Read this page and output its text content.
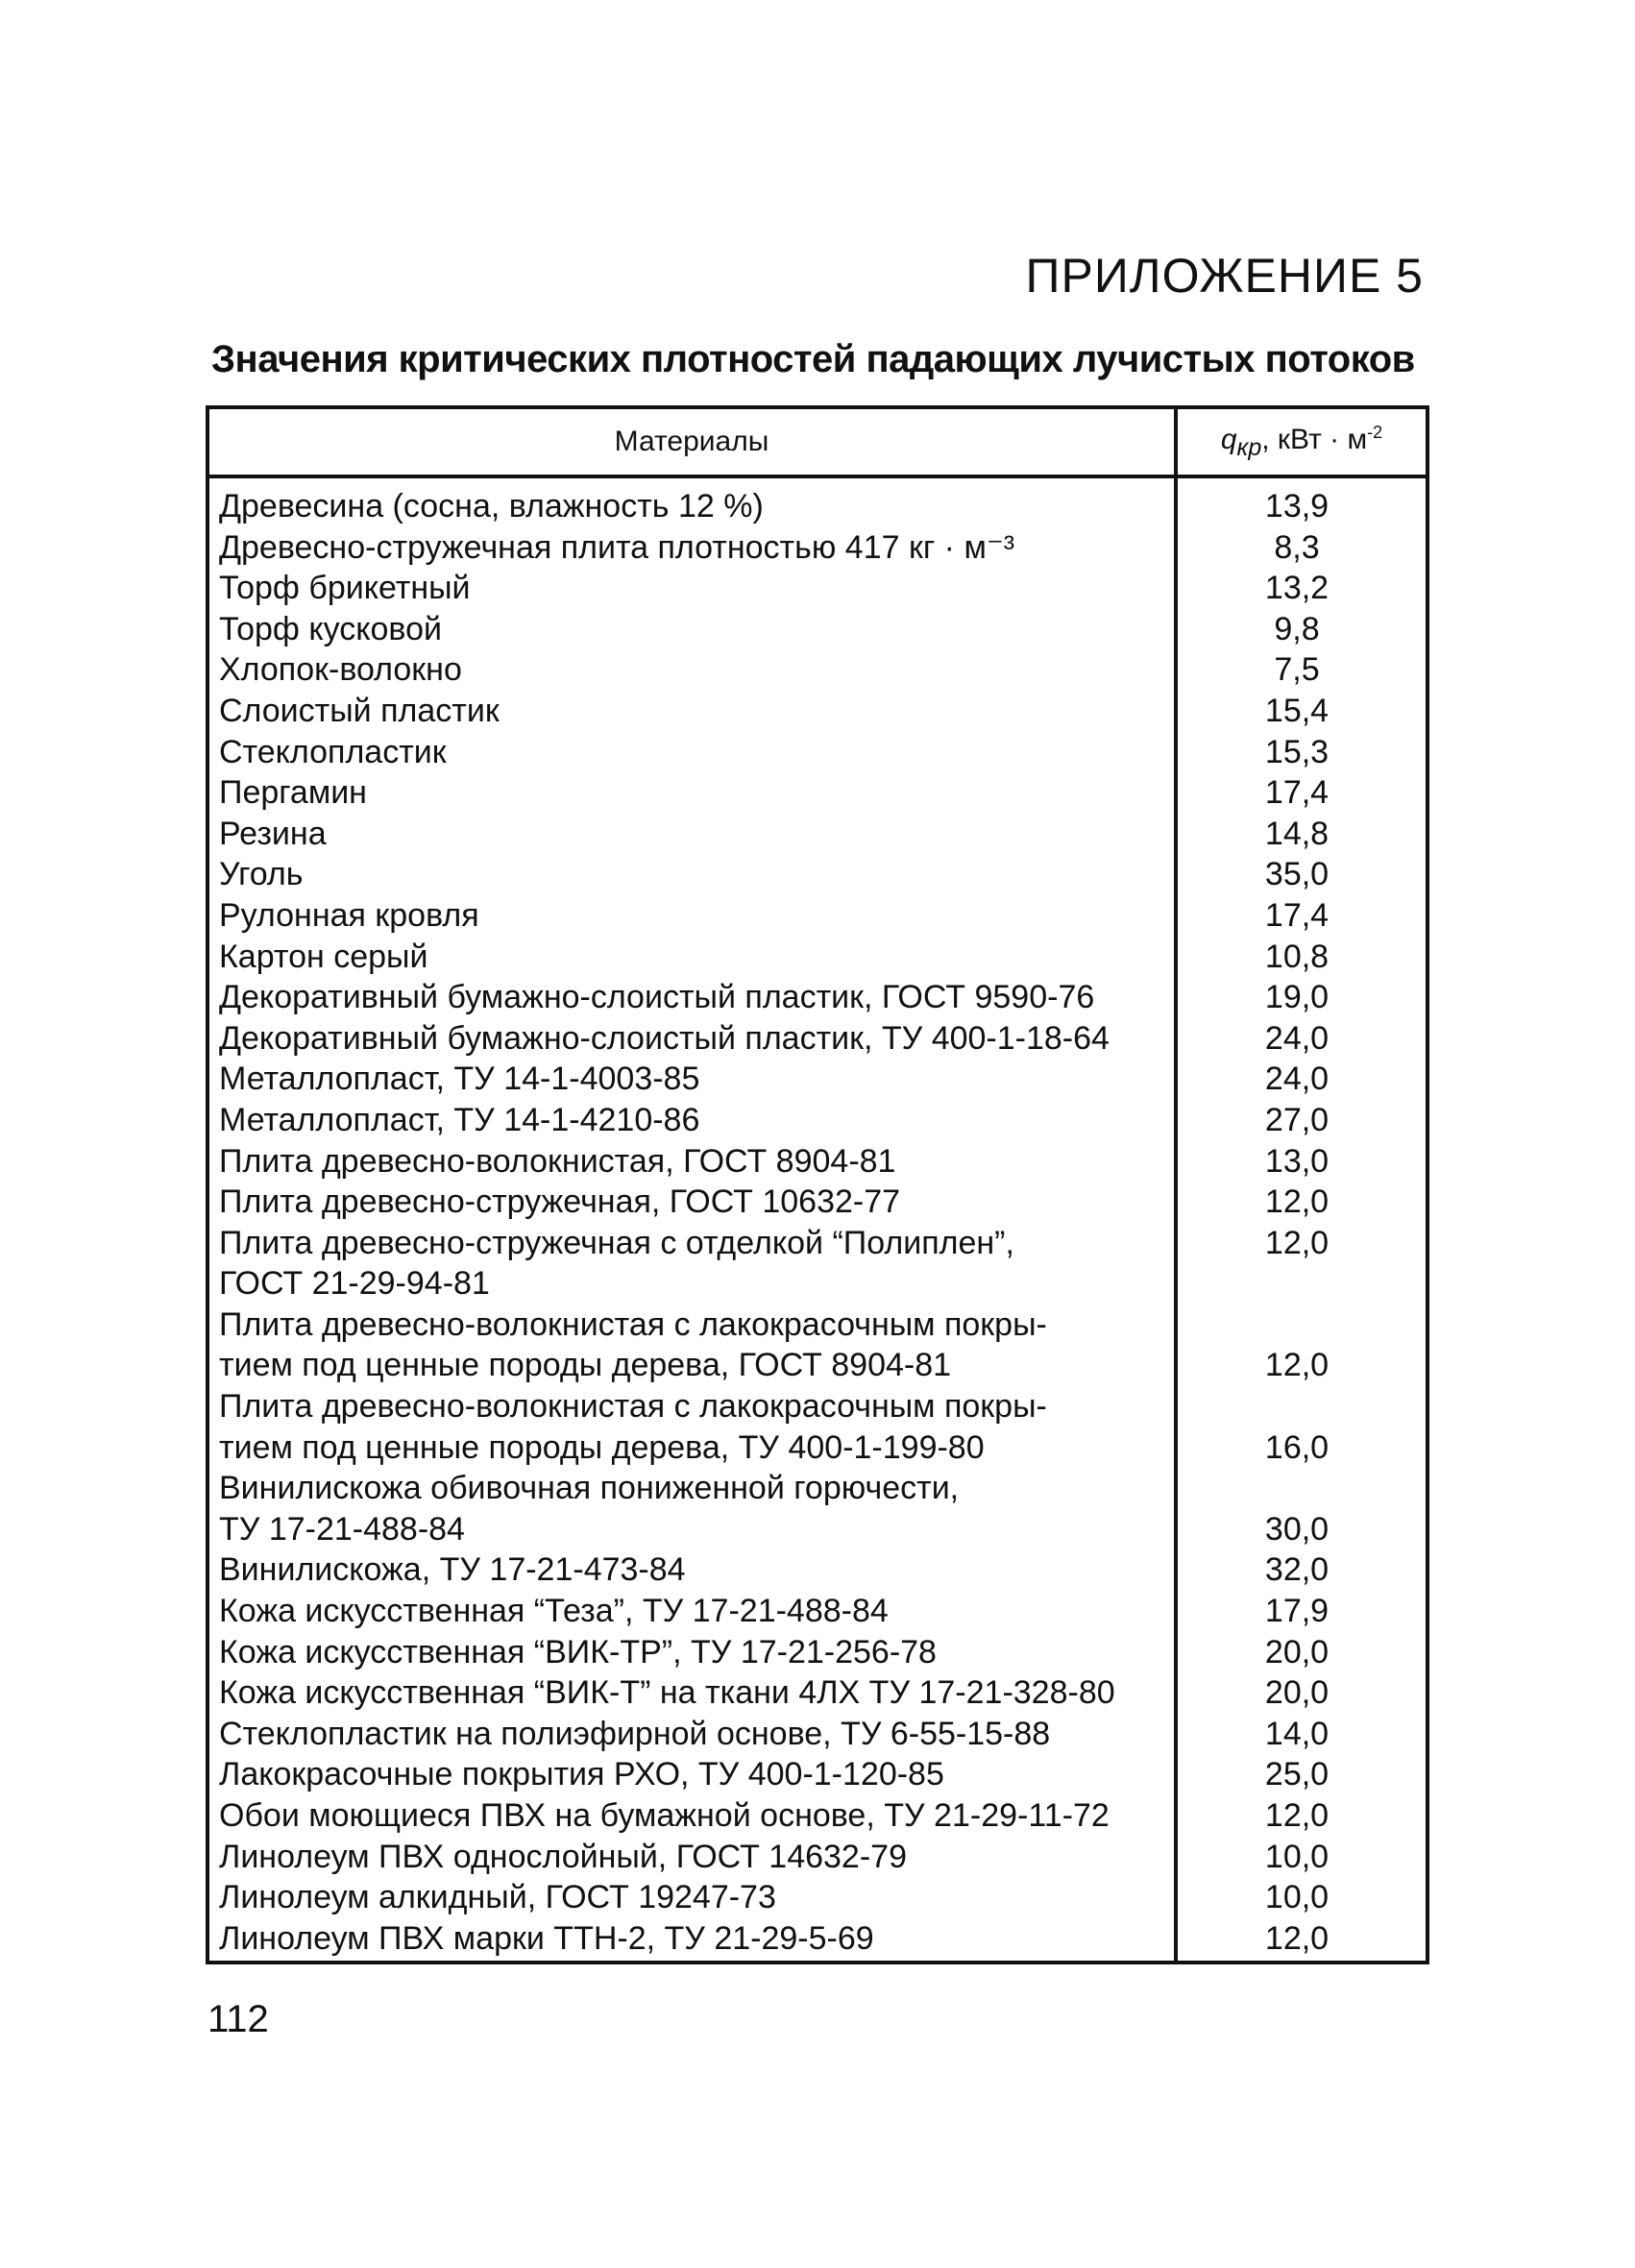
ПРИЛОЖЕНИЕ 5
Значения критических плотностей падающих лучистых потоков
Материалы	$q_{кр}$, кВт · $м^{-2}$
Древесина (сосна, влажность 12 %)	13,9
Древесно-стружечная плита плотностью 417 кг · м⁻³	8,3
Торф брикетный	13,2
Торф кусковой	9,8
Хлопок-волокно	7,5
Слоистый пластик	15,4
Стеклопластик	15,3
Пергамин	17,4
Резина	14,8
Уголь	35,0
Рулонная кровля	17,4
Картон серый	10,8
Декоративный бумажно-слоистый пластик, ГОСТ 9590-76	19,0
Декоративный бумажно-слоистый пластик, ТУ 400-1-18-64	24,0
Металлопласт, ТУ 14-1-4003-85	24,0
Металлопласт, ТУ 14-1-4210-86	27,0
Плита древесно-волокнистая, ГОСТ 8904-81	13,0
Плита древесно-стружечная, ГОСТ 10632-77	12,0
Плита древесно-стружечная с отделкой “Полиплен”,
ГОСТ 21-29-94-81	12,0
Плита древесно-волокнистая с лакокрасочным покры-
тием под ценные породы дерева, ГОСТ 8904-81	12,0
Плита древесно-волокнистая с лакокрасочным покры-
тием под ценные породы дерева, ТУ 400-1-199-80	16,0
Винилискожа обивочная пониженной горючести,
ТУ 17-21-488-84	30,0
Винилискожа, ТУ 17-21-473-84	32,0
Кожа искусственная “Теза”, ТУ 17-21-488-84	17,9
Кожа искусственная “ВИК-ТР”, ТУ 17-21-256-78	20,0
Кожа искусственная “ВИК-Т” на ткани 4ЛХ ТУ 17-21-328-80	20,0
Стеклопластик на полиэфирной основе, ТУ 6-55-15-88	14,0
Лакокрасочные покрытия РХО, ТУ 400-1-120-85	25,0
Обои моющиеся ПВХ на бумажной основе, ТУ 21-29-11-72	12,0
Линолеум ПВХ однослойный, ГОСТ 14632-79	10,0
Линолеум алкидный, ГОСТ 19247-73	10,0
Линолеум ПВХ марки ТТН-2, ТУ 21-29-5-69	12,0

112
